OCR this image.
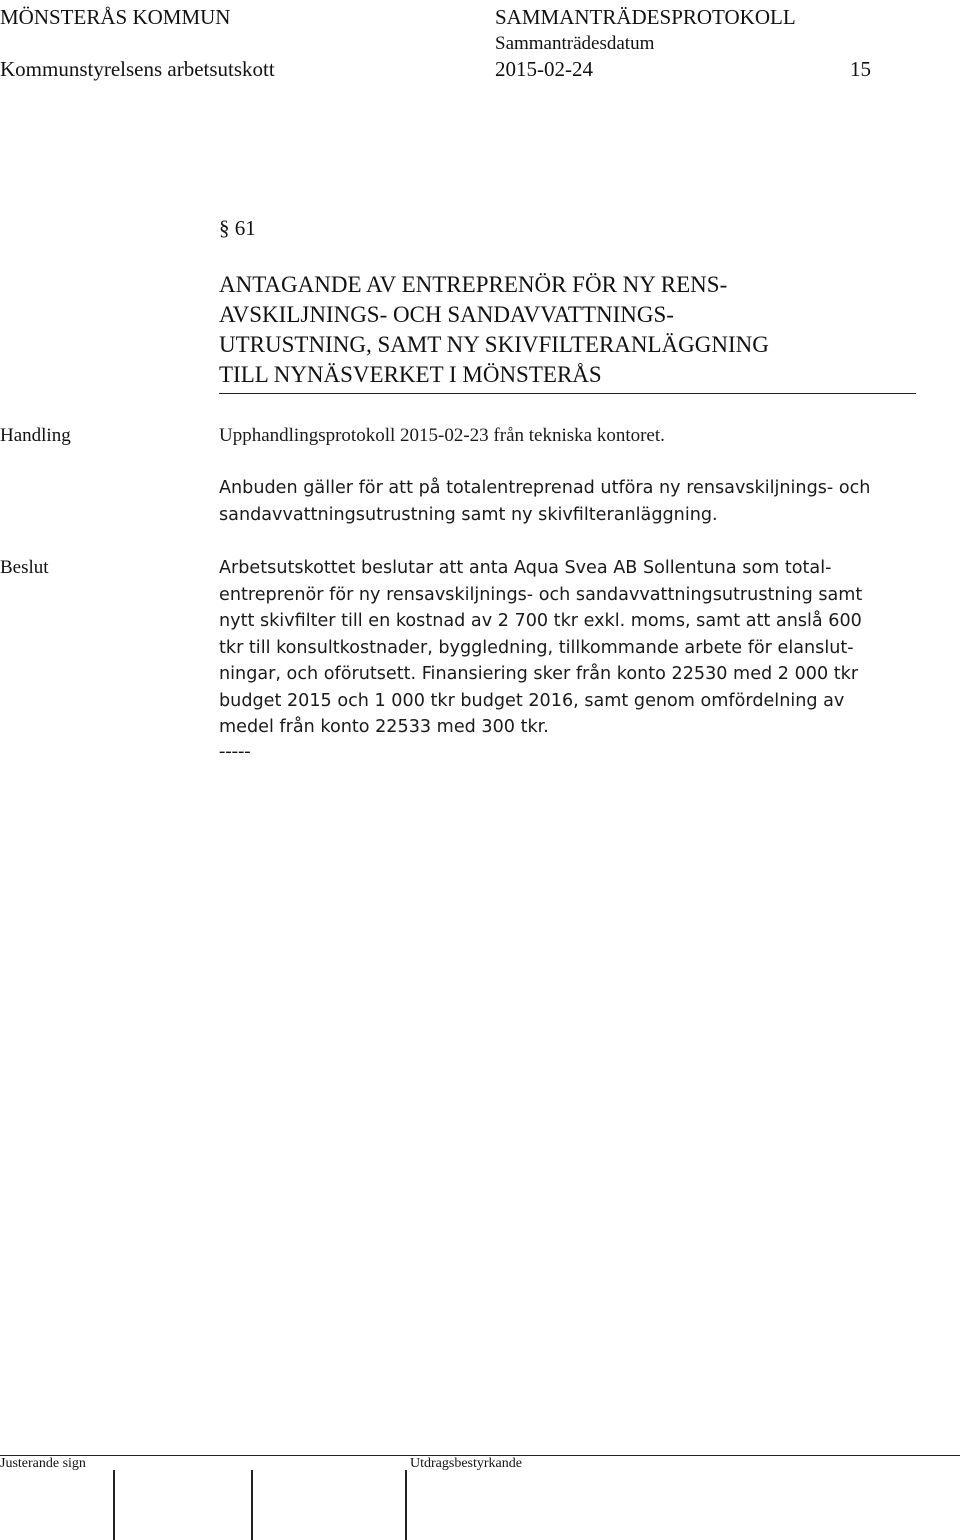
MÖNSTERÅS KOMMUN	SAMMANTRÄDESPROTOKOLL
Sammanträdesdatum
Kommunstyrelsens arbetsutskott	2015-02-24	15
§ 61
ANTAGANDE AV ENTREPRENÖR FÖR NY RENS-
AVSKILJNINGS- OCH SANDAVVATTNINGS-
UTRUSTNING, SAMT NY SKIVFILTERANLÄGGNING
TILL NYNÄSVERKET I MÖNSTERÅS
Handling	Upphandlingsprotokoll 2015-02-23 från tekniska kontoret.
Anbuden gäller för att på totalentreprenad utföra ny rensavskiljnings- och
sandavvattningsutrustning samt ny skivfilteranläggning.
Beslut	Arbetsutskottet beslutar att anta Aqua Svea AB Sollentuna som total-
entreprenör för ny rensavskiljnings- och sandavvattningsutrustning samt
nytt skivfilter till en kostnad av 2 700 tkr exkl. moms, samt att anslå 600
tkr till konsultkostnader, byggledning, tillkommande arbete för elanslut-
ningar, och oförutsett. Finansiering sker från konto 22530 med 2 000 tkr
budget 2015 och 1 000 tkr budget 2016, samt genom omfördelning av
medel från konto 22533 med 300 tkr.
-----
Justerande sign	Utdragsbestyrkande
